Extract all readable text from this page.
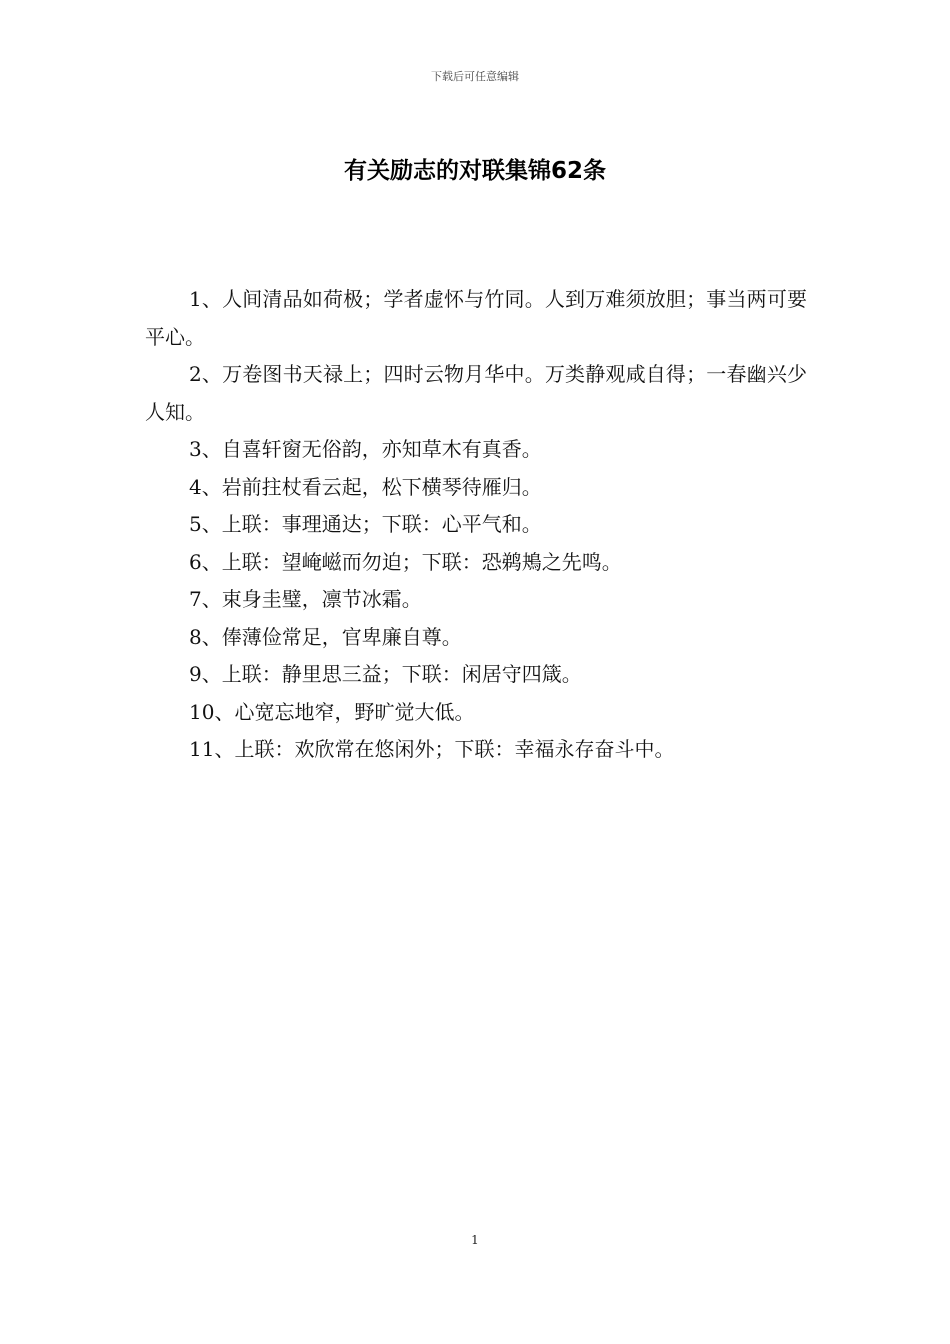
下载后可任意编辑
有关励志的对联集锦62条

1、人间清品如荷极；学者虚怀与竹同。人到万难须放胆；事当两可要平心。

2、万卷图书天禄上；四时云物月华中。万类静观咸自得；一春幽兴少人知。

3、自喜轩窗无俗韵，亦知草木有真香。

4、岩前拄杖看云起，松下横琴待雁归。

5、上联：事理通达；下联：心平气和。

6、上联：望崦嵫而勿迫；下联：恐鹈鴂之先鸣。

7、束身圭璧，凛节冰霜。

8、俸薄俭常足，官卑廉自尊。

9、上联：静里思三益；下联：闲居守四箴。

10、心宽忘地窄，野旷觉大低。

11、上联：欢欣常在悠闲外；下联：幸福永存奋斗中。

1
